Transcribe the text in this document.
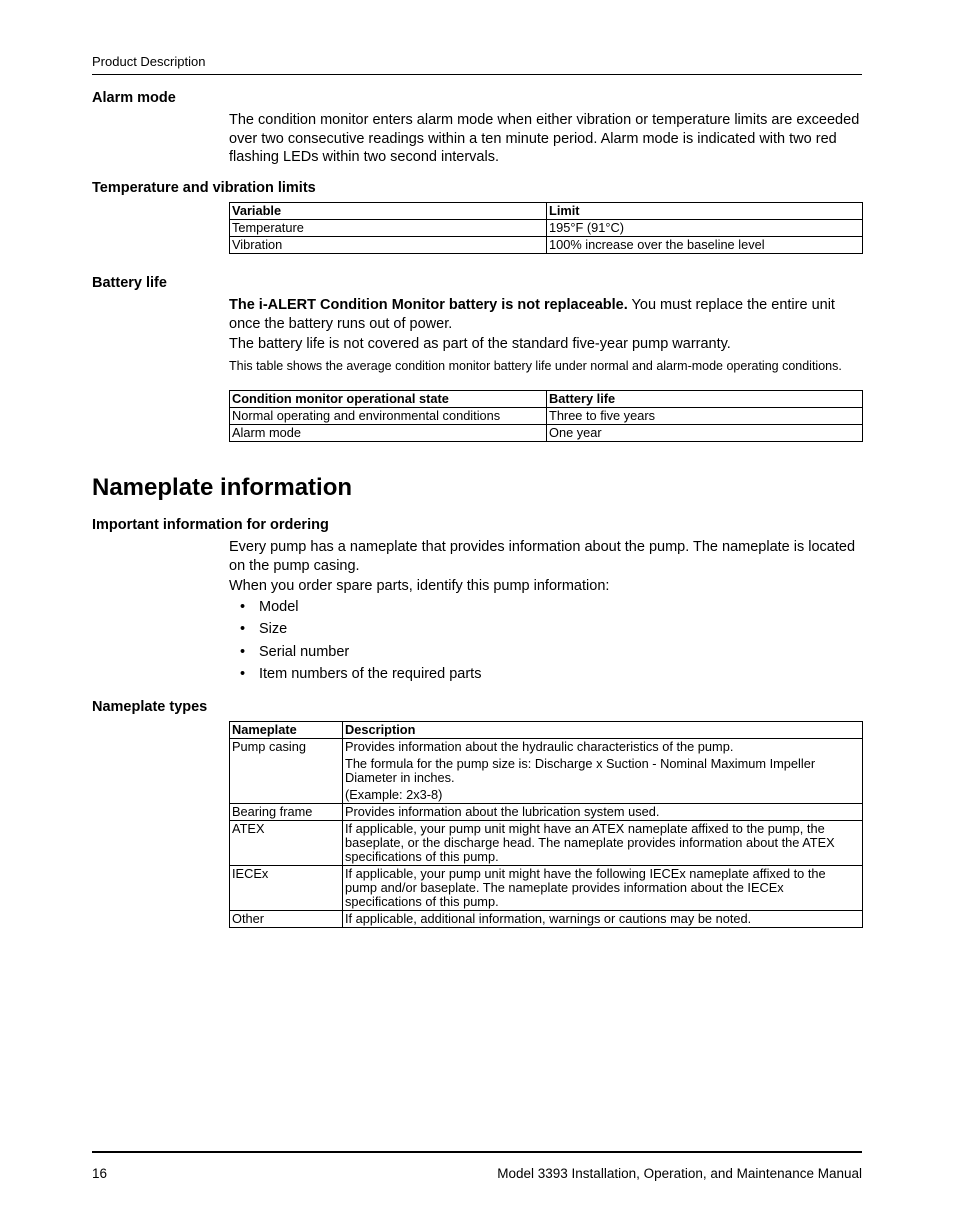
Product Description
Alarm mode
The condition monitor enters alarm mode when either vibration or temperature limits are exceeded over two consecutive readings within a ten minute period. Alarm mode is indicated with two red flashing LEDs within two second intervals.
Temperature and vibration limits
Variable	Limit
Temperature	195°F (91°C)
Vibration	100% increase over the baseline level
Battery life
The i-ALERT Condition Monitor battery is not replaceable. You must replace the entire unit once the battery runs out of power.
The battery life is not covered as part of the standard five-year pump warranty.
This table shows the average condition monitor battery life under normal and alarm-mode operating conditions.
Condition monitor operational state	Battery life
Normal operating and environmental conditions	Three to five years
Alarm mode	One year
Nameplate information
Important information for ordering
Every pump has a nameplate that provides information about the pump. The nameplate is located on the pump casing.
When you order spare parts, identify this pump information:
• Model
• Size
• Serial number
• Item numbers of the required parts
Nameplate types
Nameplate	Description
Pump casing	Provides information about the hydraulic characteristics of the pump.

The formula for the pump size is: Discharge x Suction - Nominal Maximum Impeller Diameter in inches.

(Example: 2x3-8)

Bearing frame	Provides information about the lubrication system used.

ATEX	If applicable, your pump unit might have an ATEX nameplate affixed to the pump, the baseplate, or the discharge head. The nameplate provides information about the ATEX specifications of this pump.

IECEx	If applicable, your pump unit might have the following IECEx nameplate affixed to the pump and/or baseplate. The nameplate provides information about the IECEx specifications of this pump.

Other	If applicable, additional information, warnings or cautions may be noted.

16	Model 3393 Installation, Operation, and Maintenance Manual
